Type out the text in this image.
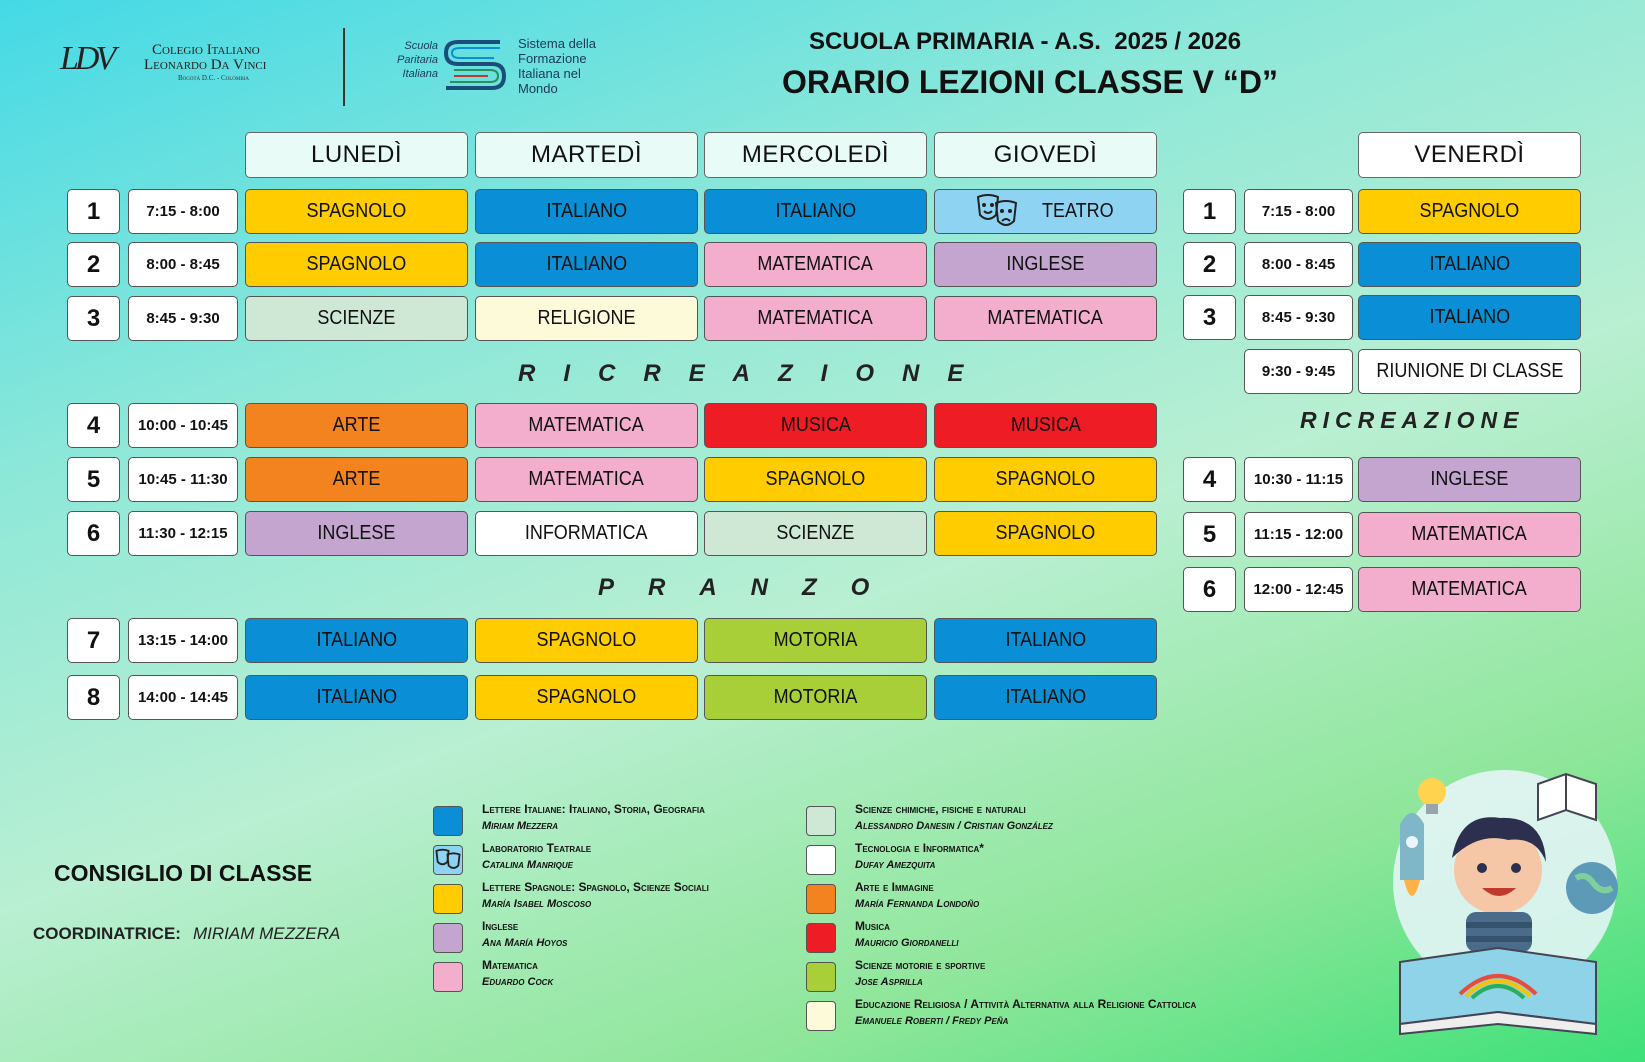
LDV	Colegio Italiano
Leonardo Da Vinci
Bogotá D.C. - Colombia
Scuola
Paritaria
Italiana
Sistema della
Formazione
Italiana nel
Mondo
SCUOLA PRIMARIA - A.S.  2025 / 2026
ORARIO LEZIONI CLASSE V “D”
LUNEDÌ	MARTEDÌ	MERCOLEDÌ	GIOVEDÌ	VENERDÌ
RICREAZIONE
PRANZO
RICREAZIONE
CONSIGLIO DI CLASSE
COORDINATRICE: MIRIAM MEZZERA
1	7:15 - 8:00	SPAGNOLO	ITALIANO	ITALIANO	TEATRO
2	8:00 - 8:45	SPAGNOLO	ITALIANO	MATEMATICA	INGLESE
3	8:45 - 9:30	SCIENZE	RELIGIONE	MATEMATICA	MATEMATICA
4	10:00 - 10:45	ARTE	MATEMATICA	MUSICA	MUSICA
5	10:45 - 11:30	ARTE	MATEMATICA	SPAGNOLO	SPAGNOLO
6	11:30 - 12:15	INGLESE	INFORMATICA	SCIENZE	SPAGNOLO
7	13:15 - 14:00	ITALIANO	SPAGNOLO	MOTORIA	ITALIANO
8	14:00 - 14:45	ITALIANO	SPAGNOLO	MOTORIA	ITALIANO
1	7:15 - 8:00	SPAGNOLO
2	8:00 - 8:45	ITALIANO
3	8:45 - 9:30	ITALIANO
9:30 - 9:45	RIUNIONE DI CLASSE
4	10:30 - 11:15	INGLESE
5	11:15 - 12:00	MATEMATICA
6	12:00 - 12:45	MATEMATICA
Lettere Italiane: Italiano, Storia, Geografia
Miriam Mezzera
Laboratorio Teatrale
Catalina Manrique
Lettere Spagnole: Spagnolo, Scienze Sociali
María Isabel Moscoso
Inglese
Ana María Hoyos
Matematica
Eduardo Cock
Scienze chimiche, fisiche e naturali
Alessandro Danesin / Cristian González
Tecnologia e Informatica*
Dufay Amezquita
Arte e Immagine
María Fernanda Londoño
Musica
Mauricio Giordanelli
Scienze motorie e sportive
Jose Asprilla
Educazione Religiosa / Attività Alternativa alla Religione Cattolica
Emanuele Roberti / Fredy Peña
